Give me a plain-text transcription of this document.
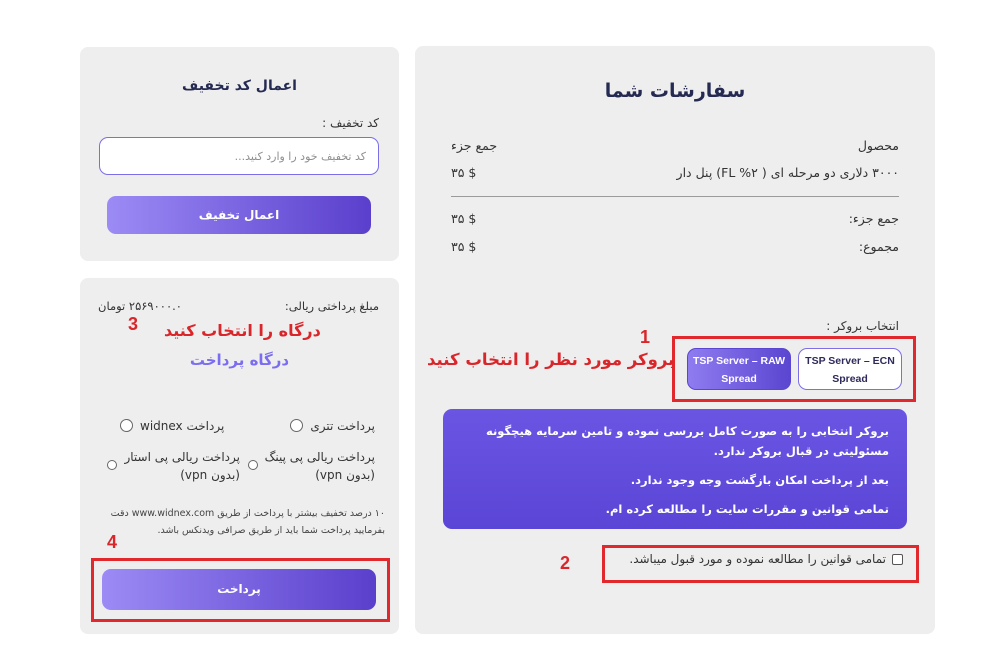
سفارشات شما
محصول
جمع جزء
۳۰۰۰ دلاری دو مرحله ای ( FL %۲) پنل دار
$ ۳۵
جمع جزء:
$ ۳۵
مجموع:
$ ۳۵
انتخاب بروکر :
TSP Server – ECN
Spread
TSP Server – RAW
Spread
1
بروکر مورد نظر را انتخاب کنید

بروکر انتخابی را به صورت کامل بررسی نموده و تامین سرمایه هیچگونه مسئولیتی در قبال بروکر ندارد.

بعد از پرداخت امکان بازگشت وجه وجود ندارد.

تمامی قوانین و مقررات سایت را مطالعه کرده ام.

تمامی قوانین را مطالعه نموده و مورد قبول میباشد.
2
اعمال کد تخفیف
کد تخفیف :
کد تخفیف خود را وارد کنید...
اعمال تخفیف
مبلغ پرداختی ریالی:
۲۵۶۹۰۰۰.۰ تومان
3 درگاه را انتخاب کنید
درگاه پرداخت
پرداخت تتری
پرداخت widnex
پرداخت ریالی پی پینگ
(بدون vpn)
پرداخت ریالی پی استار
(بدون vpn)
۱۰ درصد تخفیف بیشتر با پرداخت از طریق www.widnex.com دقت بفرمایید پرداخت شما باید از طریق صرافی ویدنکس باشد.
4
پرداخت
